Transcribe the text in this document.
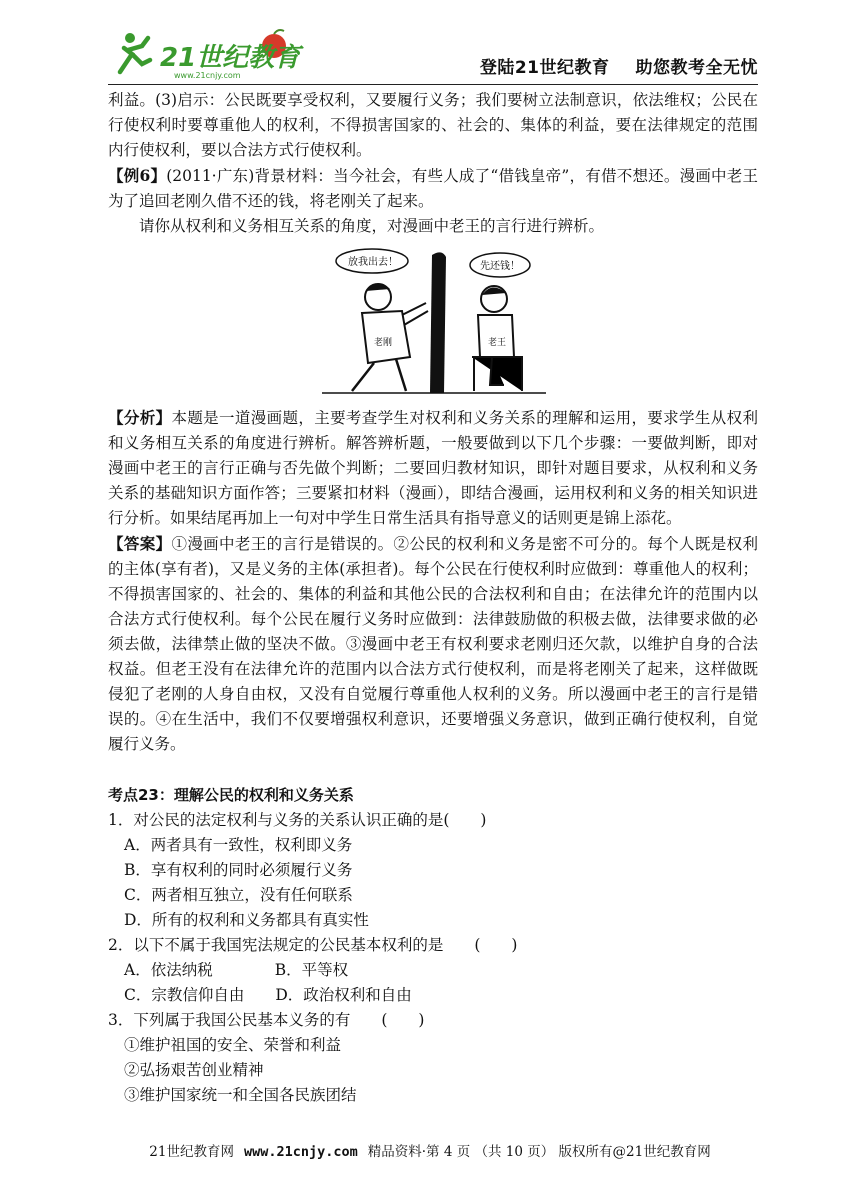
21世纪教育
www.21cnjy.com	登陆21世纪教育 助您教考全无忧

利益。(3)启示：公民既要享受权利，又要履行义务；我们要树立法制意识，依法维权；公民在行使权利时要尊重他人的权利，不得损害国家的、社会的、集体的利益，要在法律规定的范围内行使权利，要以合法方式行使权利。

【例6】(2011·广东)背景材料：当今社会，有些人成了“借钱皇帝”，有借不想还。漫画中老王为了追回老刚久借不还的钱，将老刚关了起来。

请你从权利和义务相互关系的角度，对漫画中老王的言行进行辨析。

老刚
放我出去！
老王
先还钱！

【分析】本题是一道漫画题，主要考查学生对权利和义务关系的理解和运用，要求学生从权利和义务相互关系的角度进行辨析。解答辨析题，一般要做到以下几个步骤：一要做判断，即对漫画中老王的言行正确与否先做个判断；二要回归教材知识，即针对题目要求，从权利和义务关系的基础知识方面作答；三要紧扣材料（漫画），即结合漫画，运用权利和义务的相关知识进行分析。如果结尾再加上一句对中学生日常生活具有指导意义的话则更是锦上添花。

【答案】①漫画中老王的言行是错误的。②公民的权利和义务是密不可分的。每个人既是权利的主体(享有者)，又是义务的主体(承担者)。每个公民在行使权利时应做到：尊重他人的权利；不得损害国家的、社会的、集体的利益和其他公民的合法权利和自由；在法律允许的范围内以合法方式行使权利。每个公民在履行义务时应做到：法律鼓励做的积极去做，法律要求做的必须去做，法律禁止做的坚决不做。③漫画中老王有权利要求老刚归还欠款，以维护自身的合法权益。但老王没有在法律允许的范围内以合法方式行使权利，而是将老刚关了起来，这样做既侵犯了老刚的人身自由权，又没有自觉履行尊重他人权利的义务。所以漫画中老王的言行是错误的。④在生活中，我们不仅要增强权利意识，还要增强义务意识，做到正确行使权利，自觉履行义务。

考点23：理解公民的权利和义务关系

1．对公民的法定权利与义务的关系认识正确的是(　　)

A．两者具有一致性，权利即义务

B．享有权利的同时必须履行义务

C．两者相互独立，没有任何联系

D．所有的权利和义务都具有真实性

2．以下不属于我国宪法规定的公民基本权利的是　　(　　)

A．依法纳税　　　　B．平等权

C．宗教信仰自由　　D．政治权利和自由

3．下列属于我国公民基本义务的有　　(　　)

①维护祖国的安全、荣誉和利益

②弘扬艰苦创业精神

③维护国家统一和全国各民族团结

21世纪教育网 www.21cnjy.com 精品资料·第 4 页 （共 10 页） 版权所有@21世纪教育网
